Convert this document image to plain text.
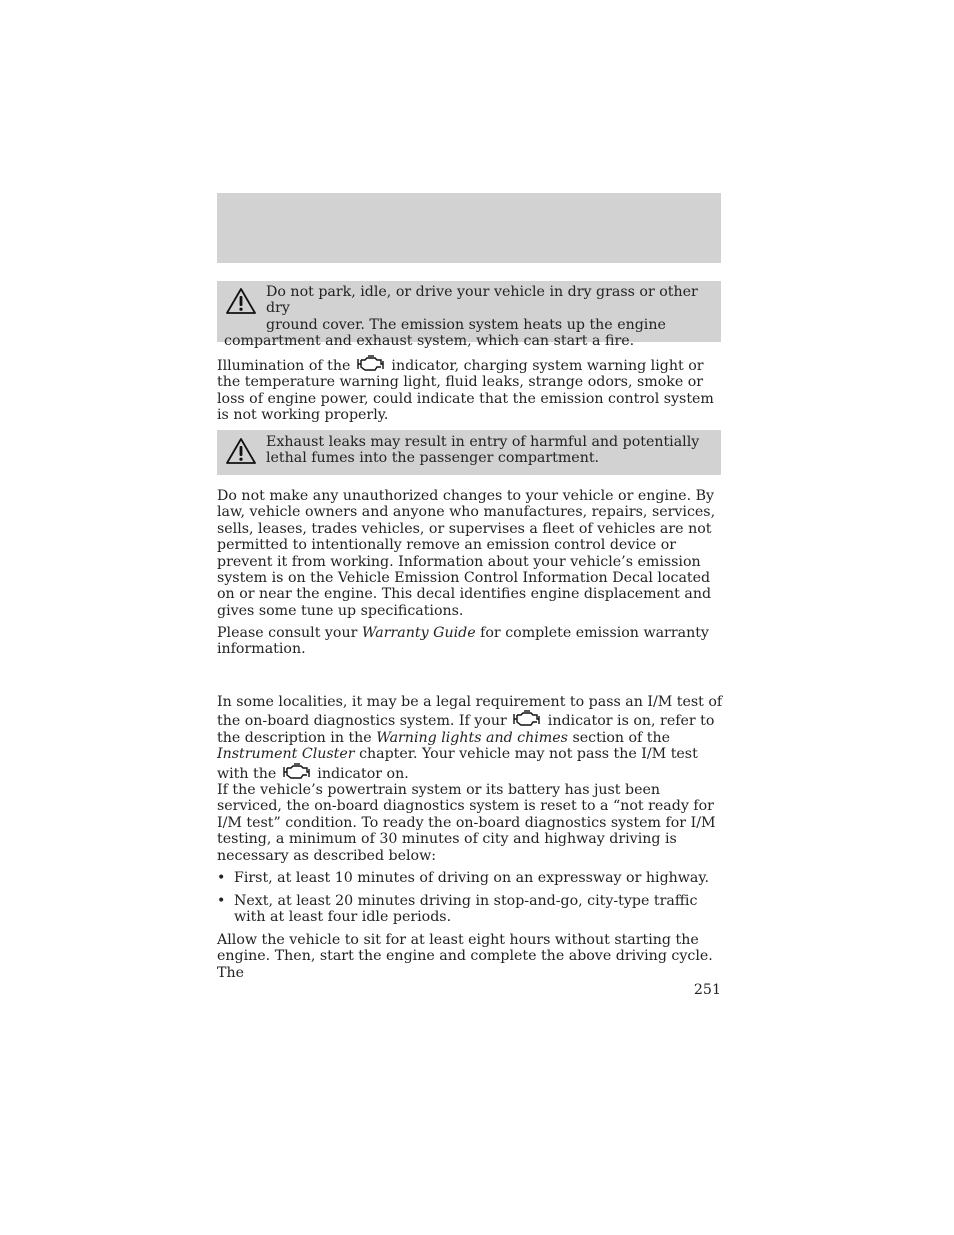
Do not park, idle, or drive your vehicle in dry grass or other dry
ground cover. The emission system heats up the engine
compartment and exhaust system, which can start a fire.

Illumination of the	indicator, charging system warning light or the temperature warning light, fluid leaks, strange odors, smoke or loss of engine power, could indicate that the emission control system is not working properly.

Exhaust leaks may result in entry of harmful and potentially
lethal fumes into the passenger compartment.

Do not make any unauthorized changes to your vehicle or engine. By law, vehicle owners and anyone who manufactures, repairs, services, sells, leases, trades vehicles, or supervises a fleet of vehicles are not permitted to intentionally remove an emission control device or prevent it from working. Information about your vehicle’s emission system is on the Vehicle Emission Control Information Decal located on or near the engine. This decal identifies engine displacement and gives some tune up specifications.

Please consult your Warranty Guide for complete emission warranty information.

In some localities, it may be a legal requirement to pass an I/M test of the on-board diagnostics system. If your	indicator is on, refer to the description in the Warning lights and chimes section of the Instrument Cluster chapter. Your vehicle may not pass the I/M test with the	indicator on.

If the vehicle’s powertrain system or its battery has just been serviced, the on-board diagnostics system is reset to a “not ready for I/M test” condition. To ready the on-board diagnostics system for I/M testing, a minimum of 30 minutes of city and highway driving is necessary as described below:

• First, at least 10 minutes of driving on an expressway or highway.
• Next, at least 20 minutes driving in stop-and-go, city-type traffic with at least four idle periods.

Allow the vehicle to sit for at least eight hours without starting the engine. Then, start the engine and complete the above driving cycle. The

251
